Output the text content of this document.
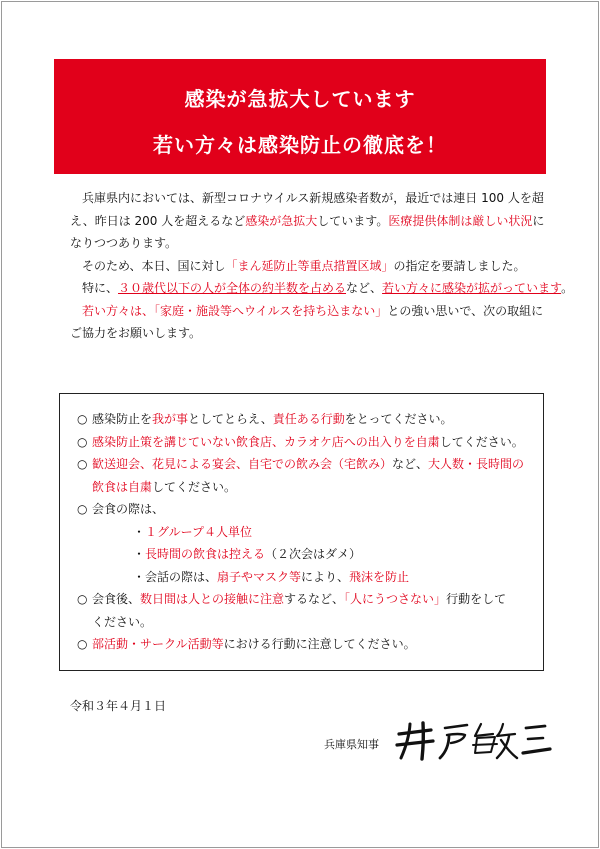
感染が急拡大しています
若い方々は感染防止の徹底を！

兵庫県内においては、新型コロナウイルス新規感染者数が，最近では連日 100 人を超

え、昨日は 200 人を超えるなど感染が急拡大しています。医療提供体制は厳しい状況に

なりつつあります。

そのため、本日、国に対し「まん延防止等重点措置区域」の指定を要請しました。

特に、３０歳代以下の人が全体の約半数を占めるなど、若い方々に感染が拡がっています。

若い方々は、「家庭・施設等へウイルスを持ち込まない」との強い思いで、次の取組に

ご協力をお願いします。

○ 感染防止を我が事としてとらえ、責任ある行動をとってください。

○ 感染防止策を講じていない飲食店、カラオケ店への出入りを自粛してください。

○ 歓送迎会、花見による宴会、自宅での飲み会（宅飲み）など、大人数・長時間の

飲食は自粛してください。

○ 会食の際は、

・１グループ４人単位

・長時間の飲食は控える（２次会はダメ）

・会話の際は、扇子やマスク等により、飛沫を防止

○ 会食後、数日間は人との接触に注意するなど、「人にうつさない」行動をして

ください。

○ 部活動・サークル活動等における行動に注意してください。

令和３年４月１日
兵庫県知事
